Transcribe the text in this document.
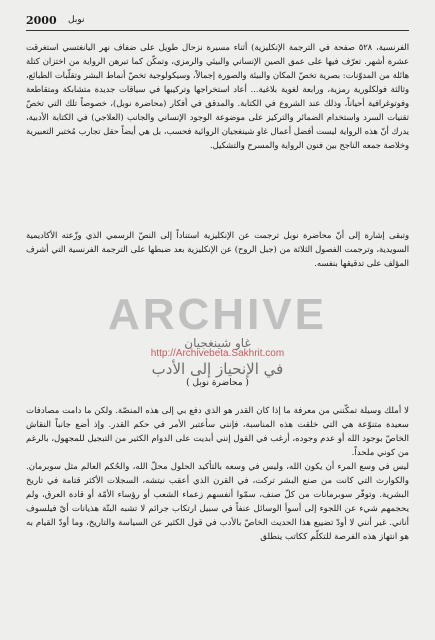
2000 نوبل

الفرنسية، ٥٢٨ صفحة في الترجمة الإنكليزية) أثناء مسيرة نزحال طويل على ضفاف نهر اليانغتسي استغرقت عشرة أشهر. تعرّف فيها على عمق الصين الإنساني والبيئي والرمزي، وتمكّن كما تبرهن الرواية من اختزان كتلة هائلة من المدوّنات: بصرية تخصّ المكان والبيئة والصورة إجمالاً، وسيكولوجية تخصّ أنماط البشر وتقلّبات الطبائع، وثالثة فولكلورية رمزية، ورابعة لغوية بلاغية... أعاد استخراجها وتركيبها في سياقات جديدة متشابكة ومتقاطعة وفوتوغرافية أحياناً، وذلك عند الشروع في الكتابة. والمدقق في أفكار (محاضرة نوبل)، خصوصاً تلك التي تخصّ تقنيات السرد واستخدام الضمائر والتركيز على موضوعة الوجود الإنساني والجانب (العلاجي) في الكتابة الأدبية، يدرك أنّ هذه الرواية ليست أفضل أعمال غاو شينغجيان الروائية فحسب، بل هي أيضاً حقل تجارب مُختبر التعبيرية وخلاصة جمعه الناجح بين فنون الرواية والمسرح والتشكيل.

وتبقى إشارة إلى أنّ محاضرة نوبل ترجمت عن الإنكليزية استناداً إلى النصّ الرسمي الذي وزّعته الأكاديمية السويدية، وترجمت الفصول الثلاثة من (جبل الروح) عن الإنكليزية بعد ضبطها على الترجمة الفرنسية التي أشرف المؤلف على تدقيقها بنفسه.

ARCHIVE
غاو شينغجيان
http://Archivebeta.Sakhrit.com
في الإنحياز إلى الأدب
( محاضرة نوبل )

لا أملك وسيلة تمكّنني من معرفة ما إذا كان القدر هو الذي دفع بي إلى هذه المنصّة. ولكن ما دامت مصادفات سعيدة متنوّعة هي التي خلقت هذه المناسبة، فإنني سأعتبر الأمر في حكم القدر. وإذ أضع جانباً النقاش الخاصّ بوجود الله أو عدم وجوده، أرغب في القول إنني أبديت على الدوام الكثير من التبجيل للمجهول، بالرغم من كوني ملحداً.

ليس في وسع المرء أن يكون الله، وليس في وسعه بالتأكيد الحلول محلّ الله، والحُكم العالم مثل سوبرمان. والكوارث التي كانت من صنع البشر تركت، في القرن الذي أعقب نيتشه، السجلات الأكثر قتامة في تاريخ البشرية. وتوفّر سوبرمانات من كلّ صنف، سمّوا أنفسهم زعماء الشعب أو رؤساء الأمّة أو قادة العرق، ولم يحجمهم شيء عن اللجوء إلى أسوأ الوسائل عنفاً في سبيل ارتكاب جرائم لا تشبه البتّة هذيانات أيّ فيلسوف أناني. غير أنني لا أودّ تضييع هذا الحديث الخاصّ بالأدب في قول الكثير عن السياسة والتاريخ، وما أودّ القيام به هو انتهاز هذه الفرصة للتكلّم ككاتب ينطلق
